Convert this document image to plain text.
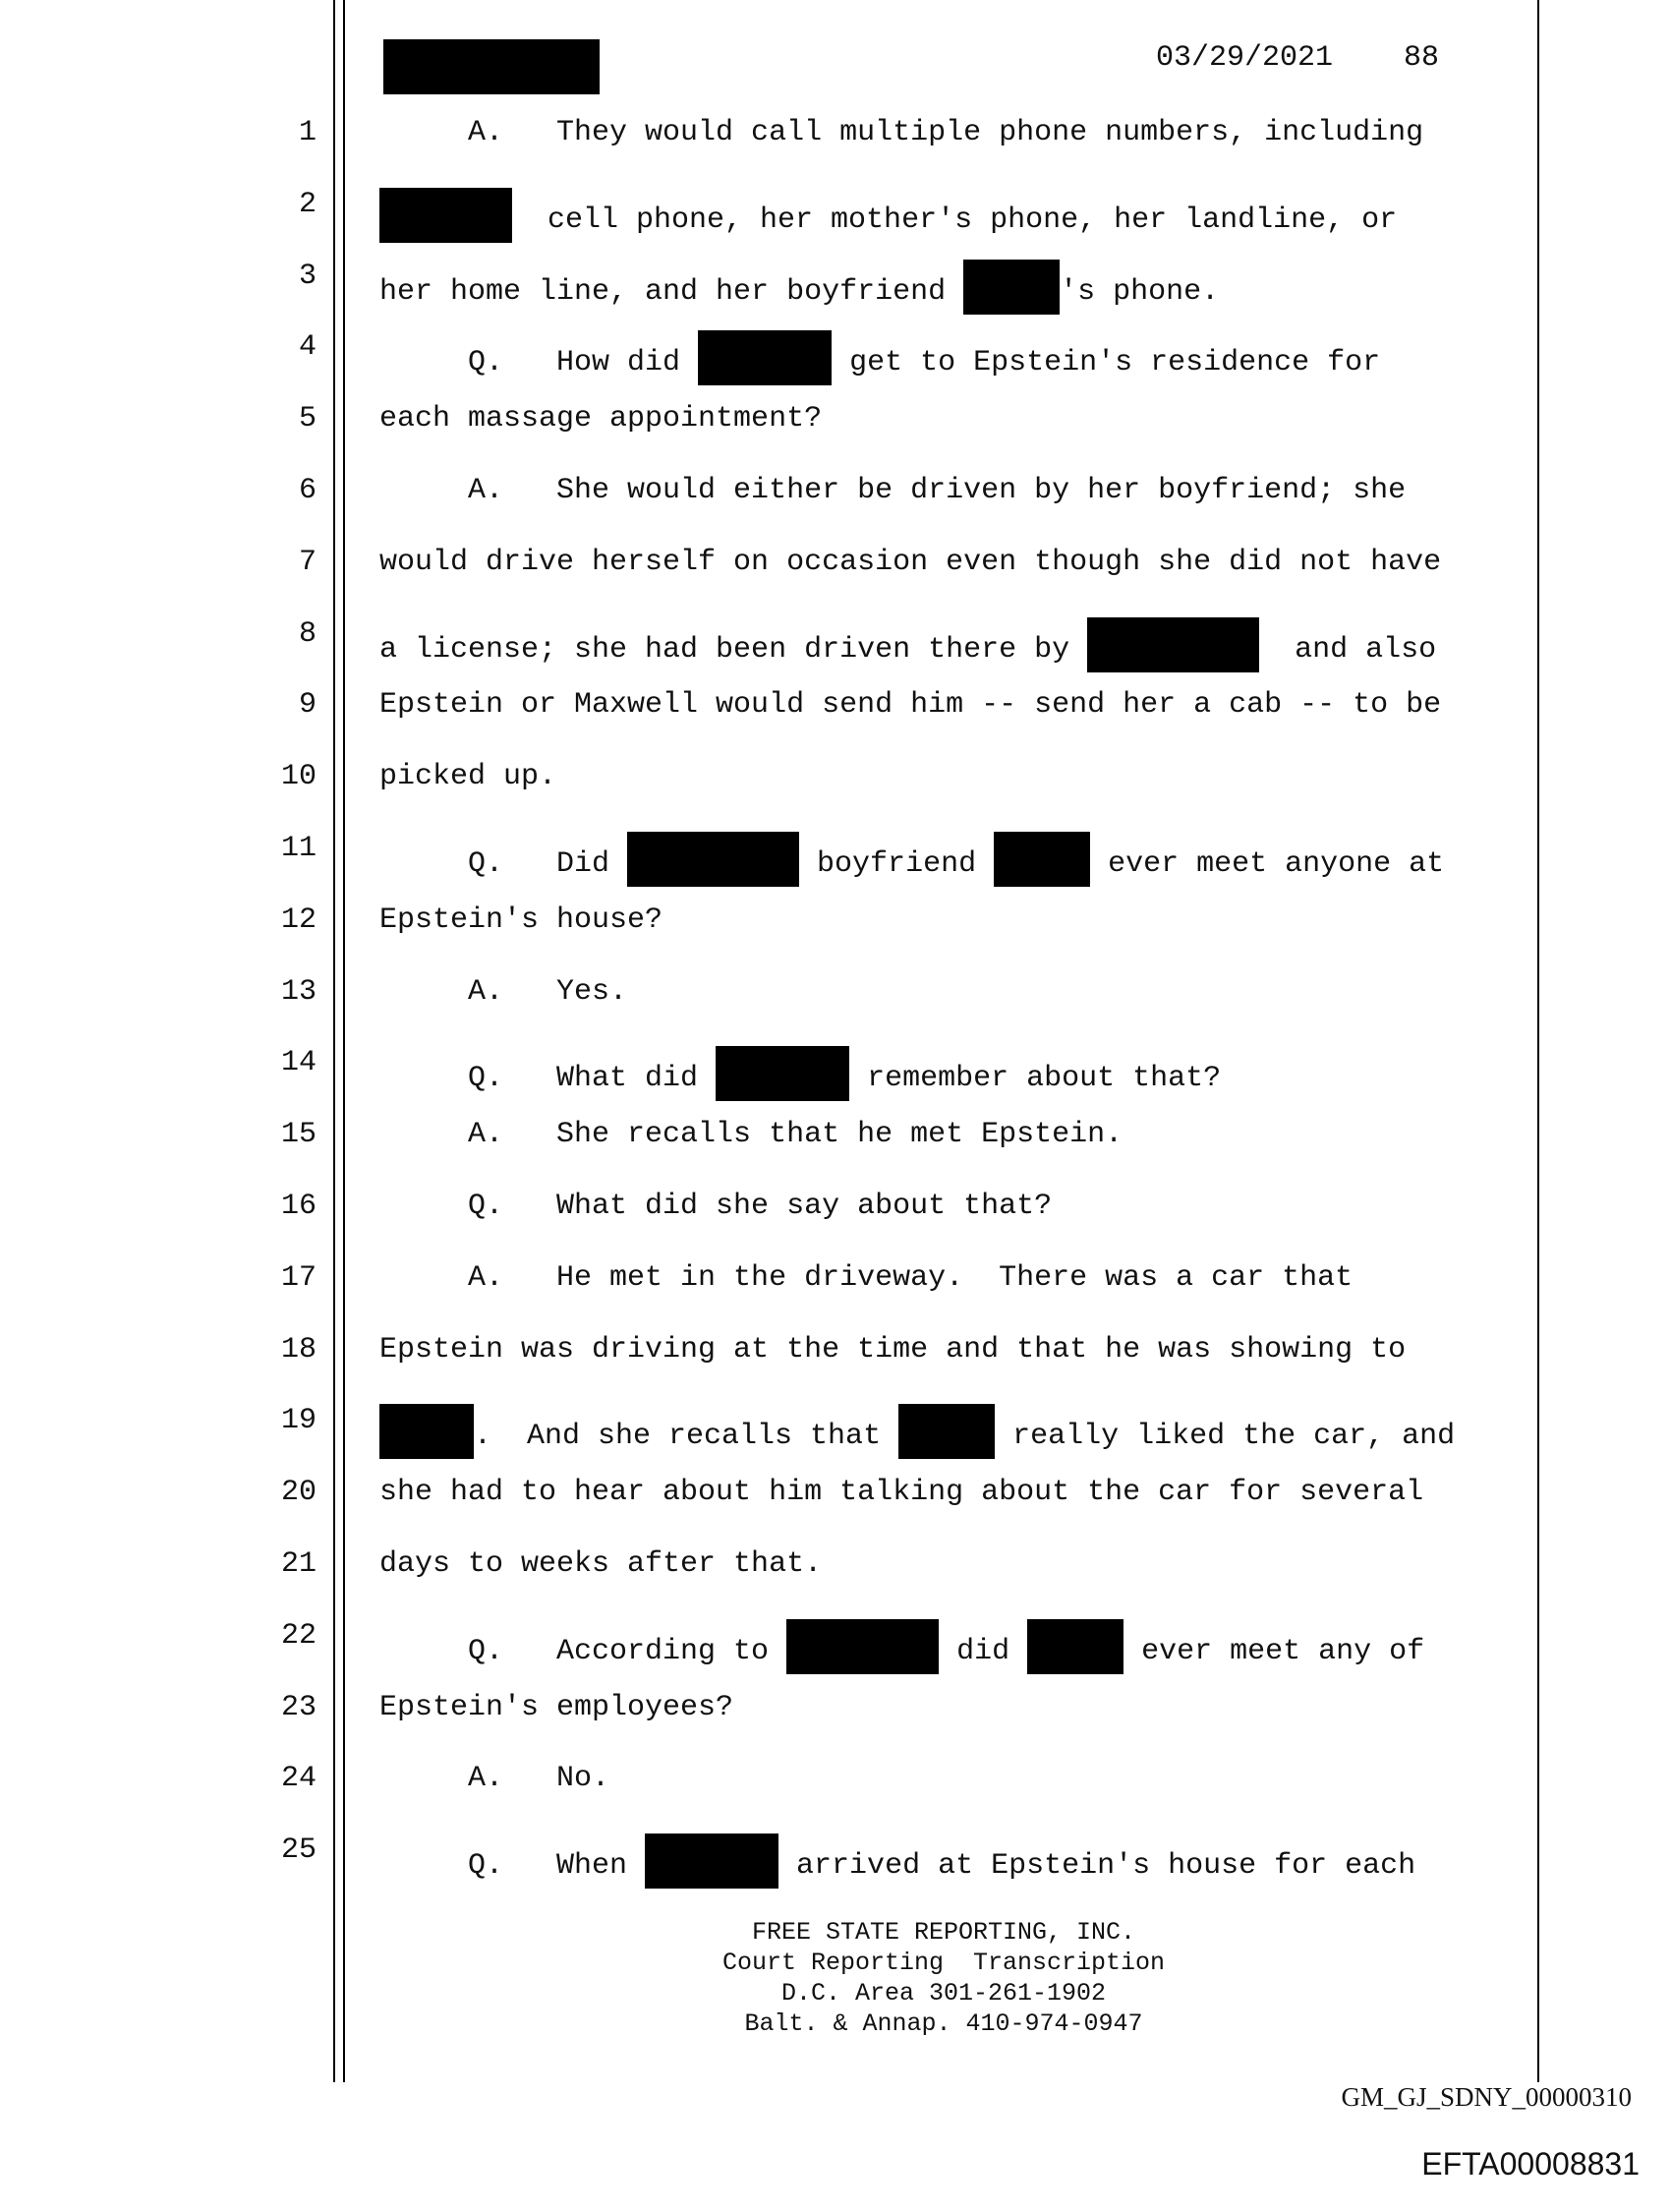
03/29/2021 88
1 A.   They would call multiple phone numbers, including
2	cell phone, her mother's phone, her landline, or
3 her home line, and her boyfriend	's phone.
4 Q.   How did	get to Epstein's residence for
5 each massage appointment?
6 A.   She would either be driven by her boyfriend; she
7 would drive herself on occasion even though she did not have
8 a license; she had been driven there by	and also
9 Epstein or Maxwell would send him -- send her a cab -- to be
10 picked up.
11 Q.   Did	boyfriend	ever meet anyone at
12 Epstein's house?
13 A.   Yes.
14 Q.   What did	remember about that?
15 A.   She recalls that he met Epstein.
16 Q.   What did she say about that?
17 A.   He met in the driveway.  There was a car that
18 Epstein was driving at the time and that he was showing to
19	.  And she recalls that	really liked the car, and
20 she had to hear about him talking about the car for several
21 days to weeks after that.
22 Q.   According to	did	ever meet any of
23 Epstein's employees?
24 A.   No.
25 Q.   When	arrived at Epstein's house for each
FREE STATE REPORTING, INC.
Court Reporting  Transcription
D.C. Area 301-261-1902
Balt. & Annap. 410-974-0947
GM_GJ_SDNY_00000310
EFTA00008831
